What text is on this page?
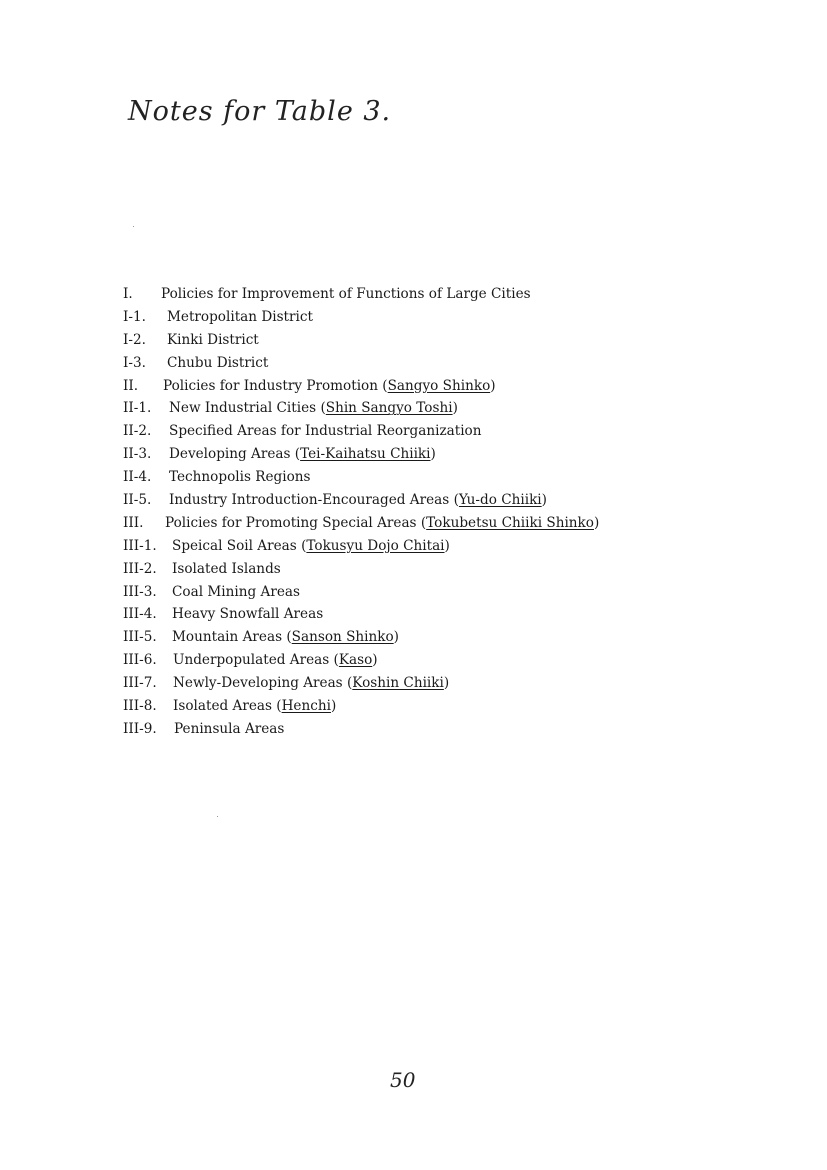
Notes for Table 3.
I. Policies for Improvement of Functions of Large Cities
I-1. Metropolitan District
I-2. Kinki District
I-3. Chubu District
II. Policies for Industry Promotion (Sangyo Shinko)
II-1. New Industrial Cities (Shin Sangyo Toshi)
II-2. Specified Areas for Industrial Reorganization
II-3. Developing Areas (Tei-Kaihatsu Chiiki)
II-4. Technopolis Regions
II-5. Industry Introduction-Encouraged Areas (Yu-do Chiiki)
III. Policies for Promoting Special Areas (Tokubetsu Chiiki Shinko)
III-1. Speical Soil Areas (Tokusyu Dojo Chitai)
III-2. Isolated Islands
III-3. Coal Mining Areas
III-4. Heavy Snowfall Areas
III-5. Mountain Areas (Sanson Shinko)
III-6. Underpopulated Areas (Kaso)
III-7. Newly-Developing Areas (Koshin Chiiki)
III-8. Isolated Areas (Henchi)
III-9. Peninsula Areas
50
